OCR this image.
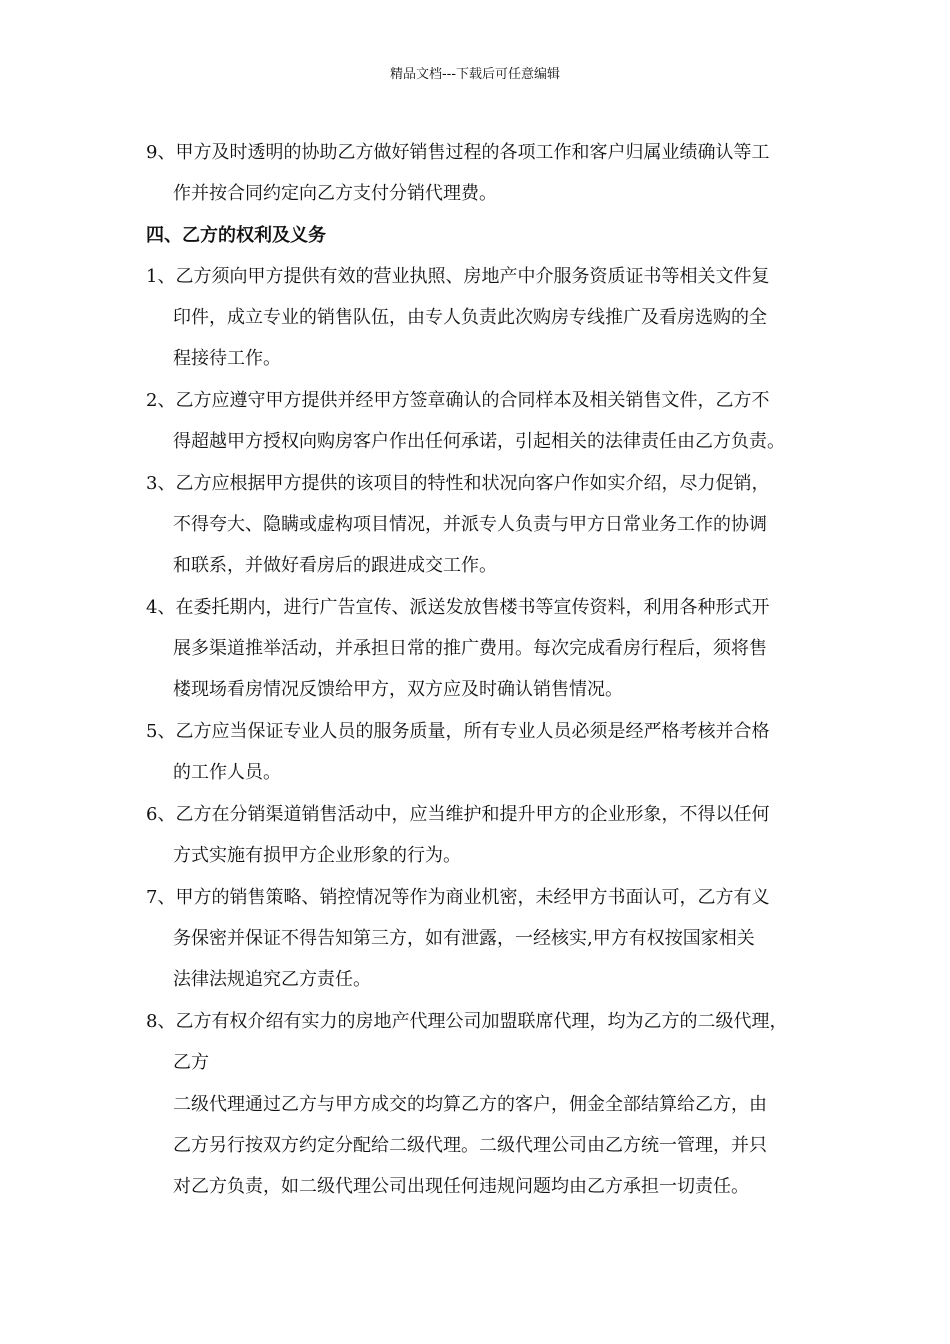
精品文档---下载后可任意编辑
9、甲方及时透明的协助乙方做好销售过程的各项工作和客户归属业绩确认等工
作并按合同约定向乙方支付分销代理费。
四、乙方的权利及义务
1、乙方须向甲方提供有效的营业执照、房地产中介服务资质证书等相关文件复
印件，成立专业的销售队伍，由专人负责此次购房专线推广及看房选购的全
程接待工作。
2、乙方应遵守甲方提供并经甲方签章确认的合同样本及相关销售文件，乙方不
得超越甲方授权向购房客户作出任何承诺，引起相关的法律责任由乙方负责。
3、乙方应根据甲方提供的该项目的特性和状况向客户作如实介绍，尽力促销，
不得夸大、隐瞒或虚构项目情况，并派专人负责与甲方日常业务工作的协调
和联系，并做好看房后的跟进成交工作。
4、在委托期内，进行广告宣传、派送发放售楼书等宣传资料，利用各种形式开
展多渠道推举活动，并承担日常的推广费用。每次完成看房行程后，须将售
楼现场看房情况反馈给甲方，双方应及时确认销售情况。
5、乙方应当保证专业人员的服务质量，所有专业人员必须是经严格考核并合格
的工作人员。
6、乙方在分销渠道销售活动中，应当维护和提升甲方的企业形象，不得以任何
方式实施有损甲方企业形象的行为。
7、甲方的销售策略、销控情况等作为商业机密，未经甲方书面认可，乙方有义
务保密并保证不得告知第三方，如有泄露，一经核实,甲方有权按国家相关
法律法规追究乙方责任。
8、乙方有权介绍有实力的房地产代理公司加盟联席代理，均为乙方的二级代理，
乙方
二级代理通过乙方与甲方成交的均算乙方的客户，佣金全部结算给乙方，由
乙方另行按双方约定分配给二级代理。二级代理公司由乙方统一管理，并只
对乙方负责，如二级代理公司出现任何违规问题均由乙方承担一切责任。
